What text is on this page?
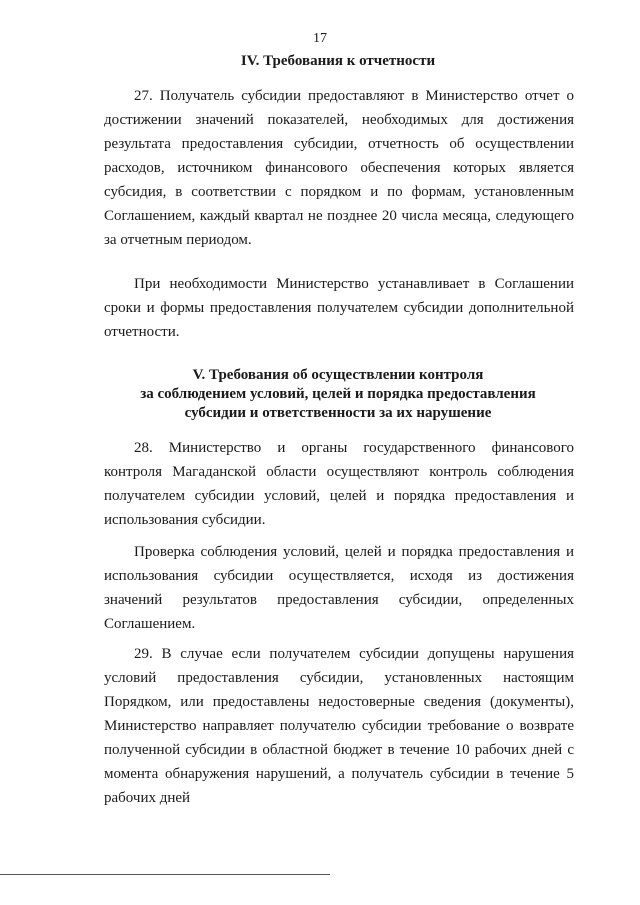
17
IV. Требования к отчетности

27. Получатель субсидии предоставляют в Министерство отчет о достижении значений показателей, необходимых для достижения результата предоставления субсидии, отчетность об осуществлении расходов, источником финансового обеспечения которых является субсидия, в соответствии с порядком и по формам, установленным Соглашением, каждый квартал не позднее 20 числа месяца, следующего за отчетным периодом.

При необходимости Министерство устанавливает в Соглашении сроки и формы предоставления получателем субсидии дополнительной отчетности.

V. Требования об осуществлении контроля
за соблюдением условий, целей и порядка предоставления
субсидии и ответственности за их нарушение

28. Министерство и органы государственного финансового контроля Магаданской области осуществляют контроль соблюдения получателем субсидии условий, целей и порядка предоставления и использования субсидии.

Проверка соблюдения условий, целей и порядка предоставления и использования субсидии осуществляется, исходя из достижения значений результатов предоставления субсидии, определенных Соглашением.

29. В случае если получателем субсидии допущены нарушения условий предоставления субсидии, установленных настоящим Порядком, или предоставлены недостоверные сведения (документы), Министерство направляет получателю субсидии требование о возврате полученной субсидии в областной бюджет в течение 10 рабочих дней с момента обнаружения нарушений, а получатель субсидии в течение 5 рабочих дней
